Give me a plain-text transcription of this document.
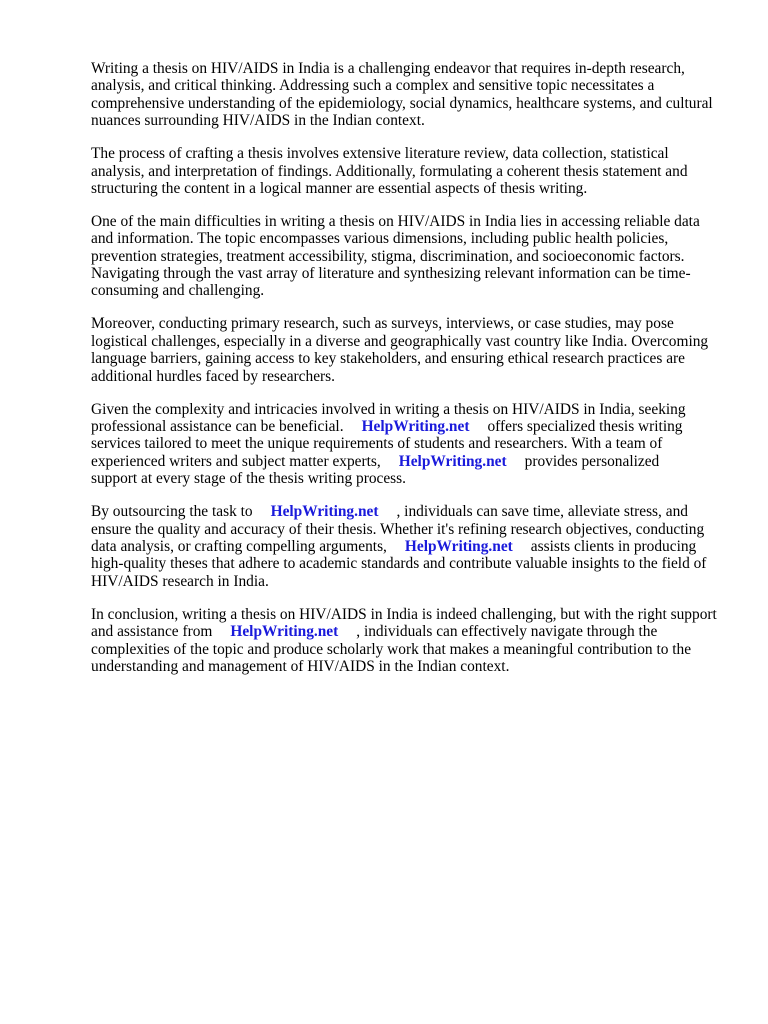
Writing a thesis on HIV/AIDS in India is a challenging endeavor that requires in-depth research,
analysis, and critical thinking. Addressing such a complex and sensitive topic necessitates a
comprehensive understanding of the epidemiology, social dynamics, healthcare systems, and cultural
nuances surrounding HIV/AIDS in the Indian context.
The process of crafting a thesis involves extensive literature review, data collection, statistical
analysis, and interpretation of findings. Additionally, formulating a coherent thesis statement and
structuring the content in a logical manner are essential aspects of thesis writing.
One of the main difficulties in writing a thesis on HIV/AIDS in India lies in accessing reliable data
and information. The topic encompasses various dimensions, including public health policies,
prevention strategies, treatment accessibility, stigma, discrimination, and socioeconomic factors.
Navigating through the vast array of literature and synthesizing relevant information can be time-
consuming and challenging.
Moreover, conducting primary research, such as surveys, interviews, or case studies, may pose
logistical challenges, especially in a diverse and geographically vast country like India. Overcoming
language barriers, gaining access to key stakeholders, and ensuring ethical research practices are
additional hurdles faced by researchers.
Given the complexity and intricacies involved in writing a thesis on HIV/AIDS in India, seeking
professional assistance can be beneficial. HelpWriting.net offers specialized thesis writing
services tailored to meet the unique requirements of students and researchers. With a team of
experienced writers and subject matter experts, HelpWriting.net provides personalized
support at every stage of the thesis writing process.
By outsourcing the task to HelpWriting.net , individuals can save time, alleviate stress, and
ensure the quality and accuracy of their thesis. Whether it's refining research objectives, conducting
data analysis, or crafting compelling arguments, HelpWriting.net assists clients in producing
high-quality theses that adhere to academic standards and contribute valuable insights to the field of
HIV/AIDS research in India.
In conclusion, writing a thesis on HIV/AIDS in India is indeed challenging, but with the right support
and assistance from HelpWriting.net , individuals can effectively navigate through the
complexities of the topic and produce scholarly work that makes a meaningful contribution to the
understanding and management of HIV/AIDS in the Indian context.
